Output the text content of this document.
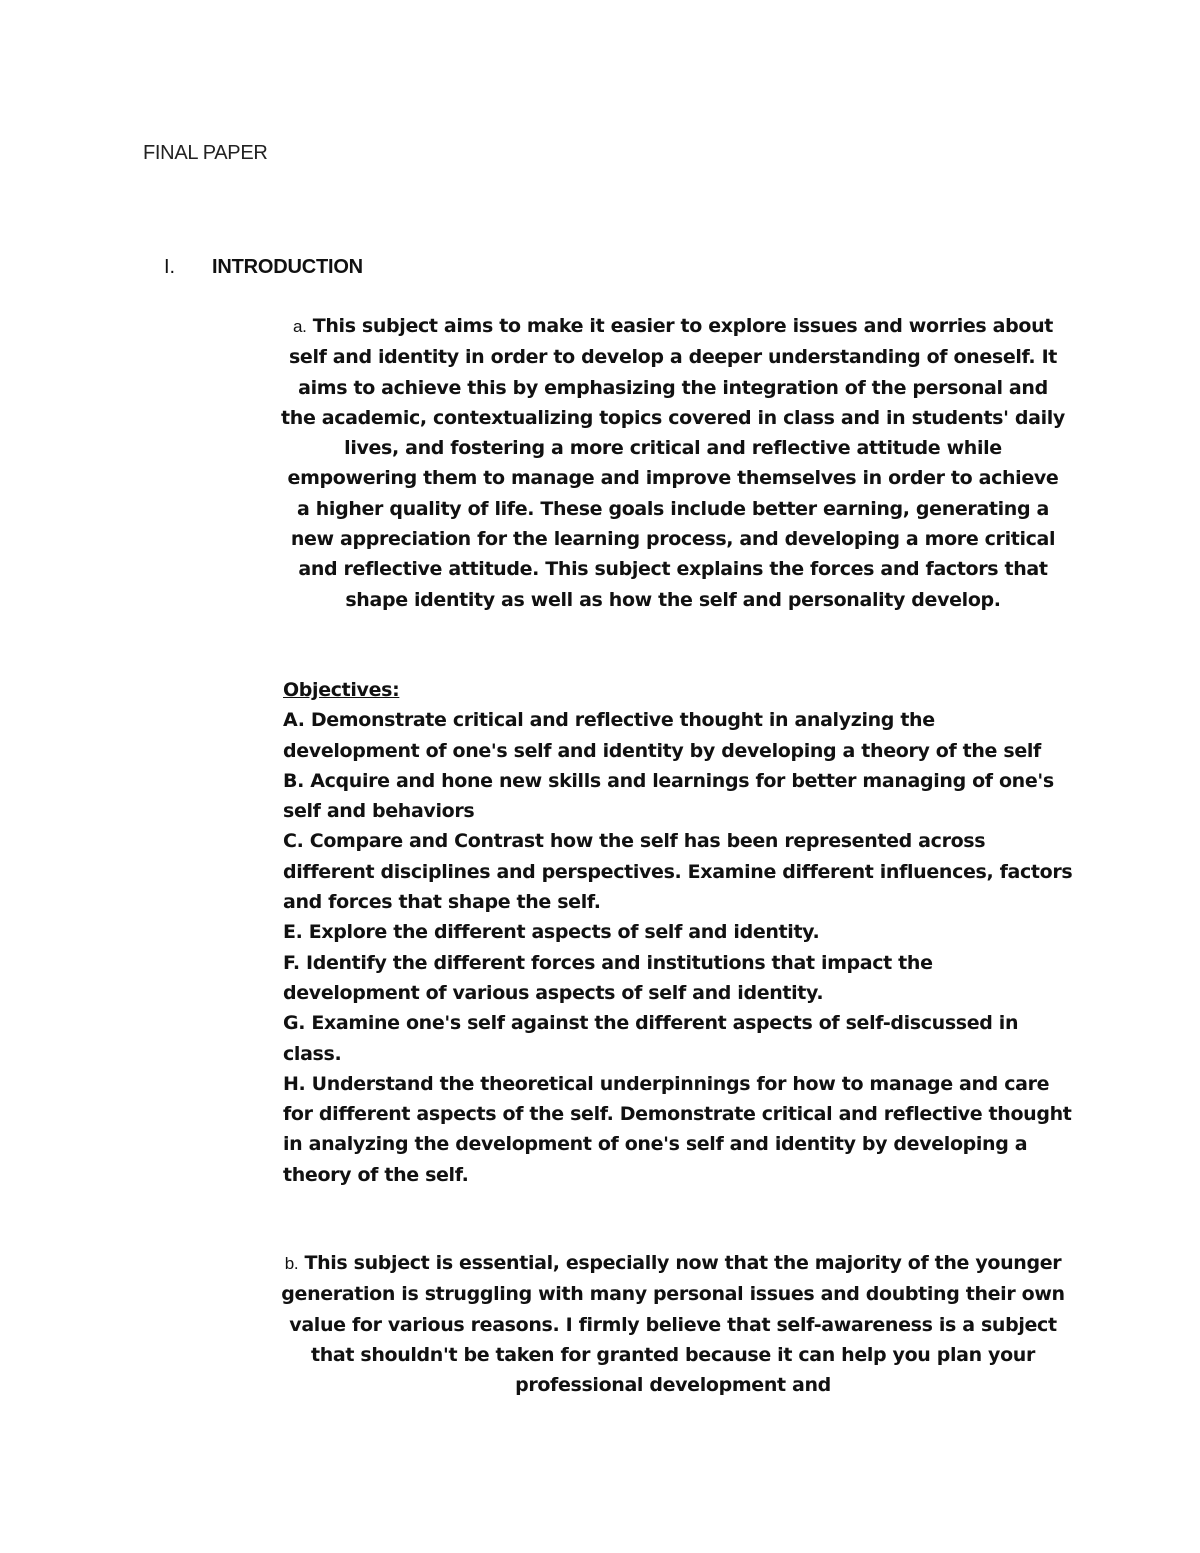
FINAL PAPER
I.	INTRODUCTION

a. This subject aims to make it easier to explore issues and worries about self and identity in order to develop a deeper understanding of oneself. It aims to achieve this by emphasizing the integration of the personal and the academic, contextualizing topics covered in class and in students' daily lives, and fostering a more critical and reflective attitude while empowering them to manage and improve themselves in order to achieve a higher quality of life. These goals include better earning, generating a new appreciation for the learning process, and developing a more critical and reflective attitude. This subject explains the forces and factors that shape identity as well as how the self and personality develop.

Objectives:
A. Demonstrate critical and reflective thought in analyzing the development of one's self and identity by developing a theory of the self
B. Acquire and hone new skills and learnings for better managing of one's self and behaviors
C. Compare and Contrast how the self has been represented across different disciplines and perspectives. Examine different influences, factors and forces that shape the self.
E. Explore the different aspects of self and identity.
F. Identify the different forces and institutions that impact the development of various aspects of self and identity.
G. Examine one's self against the different aspects of self-discussed in class.
H. Understand the theoretical underpinnings for how to manage and care for different aspects of the self. Demonstrate critical and reflective thought in analyzing the development of one's self and identity by developing a theory of the self.

b. This subject is essential, especially now that the majority of the younger generation is struggling with many personal issues and doubting their own value for various reasons. I firmly believe that self-awareness is a subject that shouldn't be taken for granted because it can help you plan your professional development and
